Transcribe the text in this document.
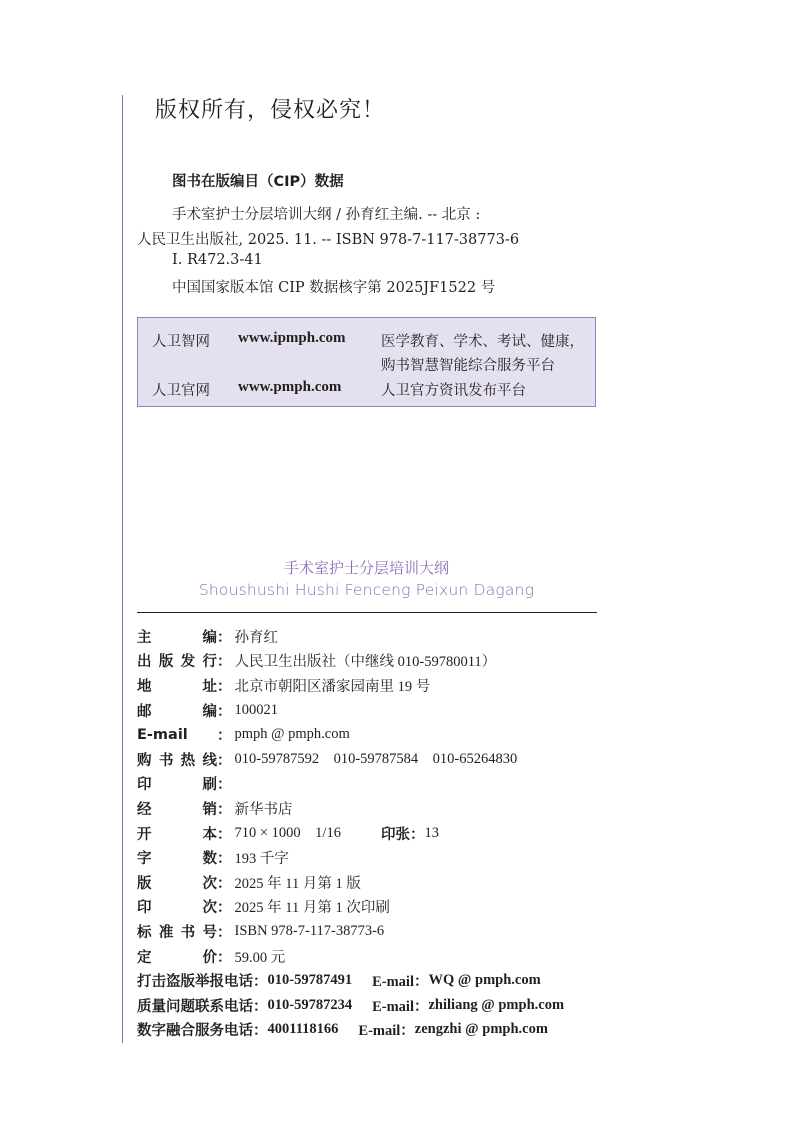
版权所有，侵权必究！
图书在版编目（CIP）数据
手术室护士分层培训大纲 / 孙育红主编. -- 北京 :
人民卫生出版社, 2025. 11. -- ISBN 978-7-117-38773-6
Ⅰ. R472.3-41
中国国家版本馆 CIP 数据核字第 2025JF1522 号
人卫智网 www.ipmph.com 医学教育、学术、考试、健康，
购书智慧智能综合服务平台
人卫官网 www.pmph.com	人卫官方资讯发布平台
手术室护士分层培训大纲
Shoushushi Hushi Fenceng Peixun Dagang
主编 ： 孙育红
出版发行 ： 人民卫生出版社（中继线 010-59780011）
地址 ： 北京市朝阳区潘家园南里 19 号
邮编 ： 100021
E-mail	： pmph @ pmph.com
购书热线 ： 010-59787592    010-59787584    010-65264830
印刷 ：
经销 ： 新华书店
开本 ： 710 × 1000    1/16	印张： 13
字数 ： 193 千字
版次 ： 2025 年 11 月第 1 版
印次 ： 2025 年 11 月第 1 次印刷
标准书号 ： ISBN 978-7-117-38773-6
定价 ： 59.00 元
打击盗版举报电话： 010-59787491 E-mail： WQ @ pmph.com
质量问题联系电话： 010-59787234 E-mail： zhiliang @ pmph.com
数字融合服务电话： 4001118166 E-mail： zengzhi @ pmph.com
